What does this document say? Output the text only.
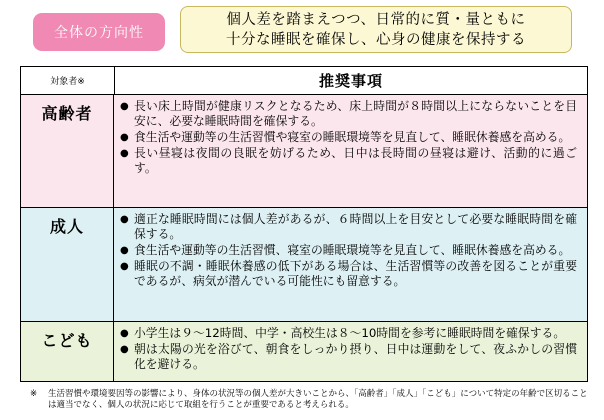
全体の方向性
個人差を踏まえつつ、日常的に質・量ともに
十分な睡眠を確保し、心身の健康を保持する
対象者※	推奨事項
高齢者	● 長い床上時間が健康リスクとなるため、床上時間が８時間以上にならないことを目安に、必要な睡眠時間を確保する。
● 食生活や運動等の生活習慣や寝室の睡眠環境等を見直して、睡眠休養感を高める。
● 長い昼寝は夜間の良眠を妨げるため、日中は長時間の昼寝は避け、活動的に過ごす。
成人	● 適正な睡眠時間には個人差があるが、６時間以上を目安として必要な睡眠時間を確保する。
● 食生活や運動等の生活習慣、寝室の睡眠環境等を見直して、睡眠休養感を高める。
● 睡眠の不調・睡眠休養感の低下がある場合は、生活習慣等の改善を図ることが重要であるが、病気が潜んでいる可能性にも留意する。
こども	● 小学生は９～12時間、中学・高校生は８～10時間を参考に睡眠時間を確保する。
● 朝は太陽の光を浴びて、朝食をしっかり摂り、日中は運動をして、夜ふかしの習慣化を避ける。
※	生活習慣や環境要因等の影響により、身体の状況等の個人差が大きいことから、「高齢者」「成人」「こども」について特定の年齢で区切ることは適当でなく、個人の状況に応じて取組を行うことが重要であると考えられる。
